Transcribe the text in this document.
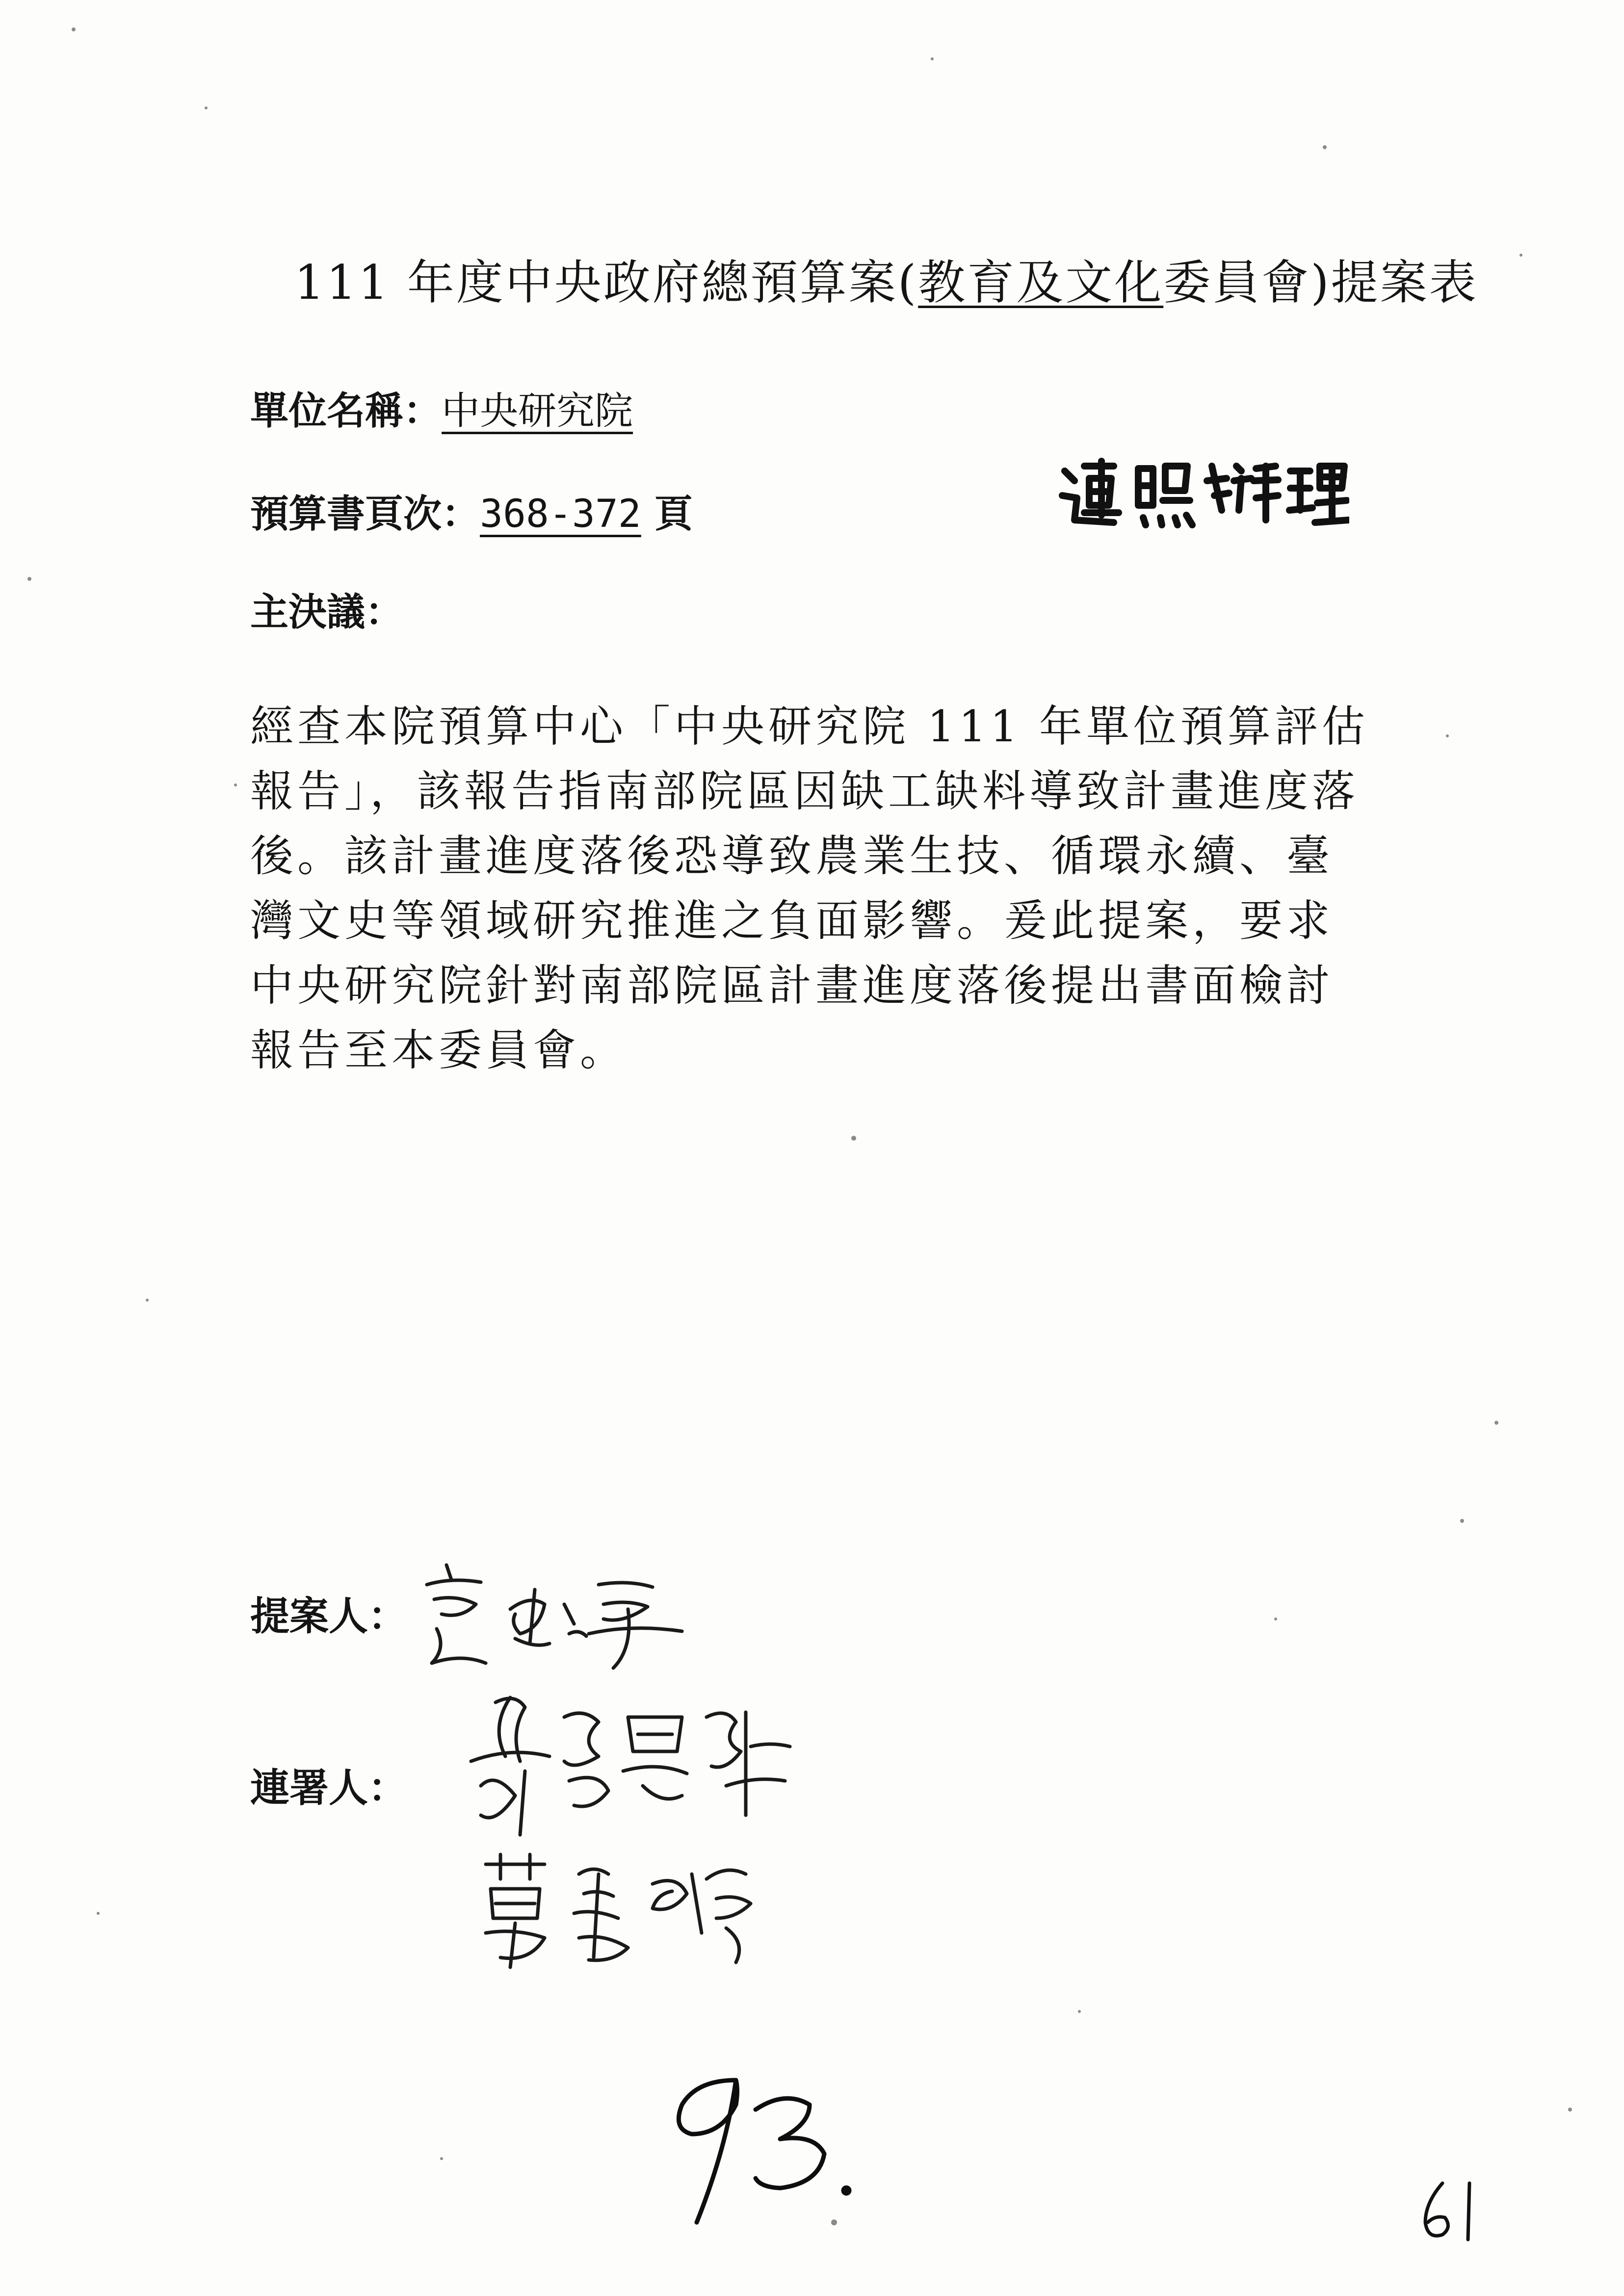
111 年度中央政府總預算案(教育及文化委員會)提案表
單位名稱：中央研究院
預算書頁次：368-372 頁
主決議：
經查本院預算中心「中央研究院 111 年單位預算評估報告」，該報告指南部院區因缺工缺料導致計畫進度落後。該計畫進度落後恐導致農業生技、循環永續、臺灣文史等領域研究推進之負面影響。爰此提案，要求中央研究院針對南部院區計畫進度落後提出書面檢討報告至本委員會。
提案人：
連署人：
